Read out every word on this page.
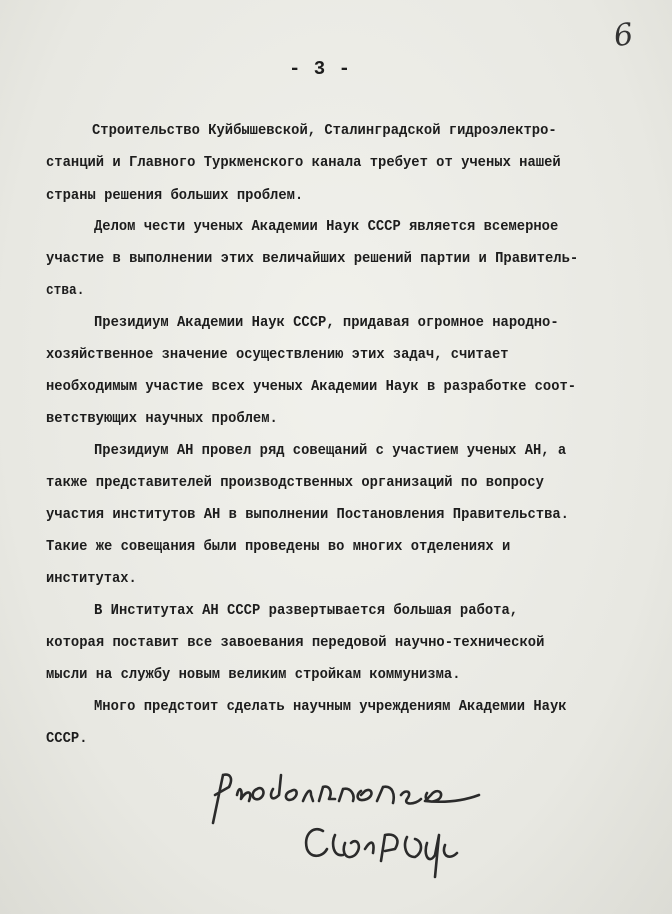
6
- 3 -
Строительство Куйбышевской, Сталинградской гидроэлектро-
станций и Главного Туркменского канала требует от ученых нашей
страны решения больших проблем.
Делом чести ученых Академии Наук СССР является всемерное
участие в выполнении этих величайших решений партии и Правитель-
ства.
Президиум Академии Наук СССР, придавая огромное народно-
хозяйственное значение осуществлению этих задач, считает
необходимым участие всех ученых Академии Наук в разработке соот-
ветствующих научных проблем.
Президиум АН провел ряд совещаний с участием ученых АН, а
также представителей производственных организаций по вопросу
участия институтов АН в выполнении Постановления Правительства.
Такие же совещания были проведены во многих отделениях и
институтах.
В Институтах АН СССР развертывается большая работа,
которая поставит все завоевания передовой научно-технической
мысли на службу новым великим стройкам коммунизма.
Много предстоит сделать научным учреждениям Академии Наук
СССР.
